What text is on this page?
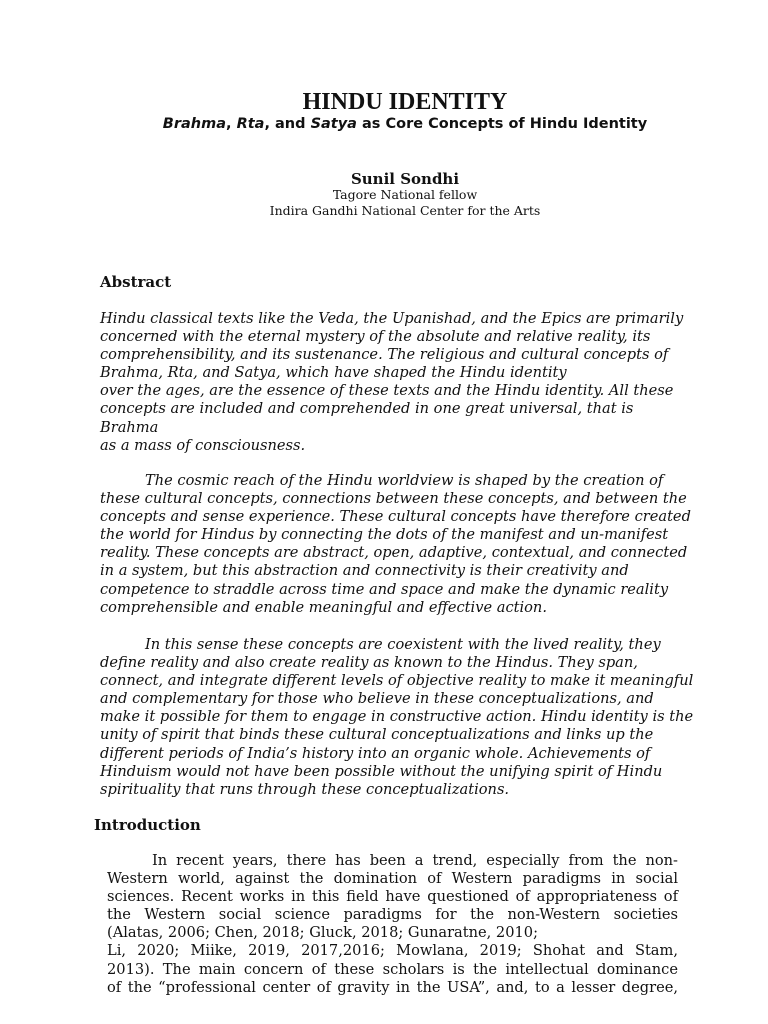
HINDU IDENTITY
Brahma, Rta, and Satya as Core Concepts of Hindu Identity
Sunil Sondhi
Tagore National fellow
Indira Gandhi National Center for the Arts
Abstract
Hindu classical texts like the Veda, the Upanishad, and the Epics are primarily
concerned with the eternal mystery of the absolute and relative reality, its
comprehensibility, and its sustenance. The religious and cultural concepts of
Brahma, Rta, and Satya, which have shaped the Hindu identity
over the ages, are the essence of these texts and the Hindu identity. All these
concepts are included and comprehended in one great universal, that is
Brahma
as a mass of consciousness.
The cosmic reach of the Hindu worldview is shaped by the creation of
these cultural concepts, connections between these concepts, and between the
concepts and sense experience. These cultural concepts have therefore created
the world for Hindus by connecting the dots of the manifest and un-manifest
reality. These concepts are abstract, open, adaptive, contextual, and connected
in a system, but this abstraction and connectivity is their creativity and
competence to straddle across time and space and make the dynamic reality
comprehensible and enable meaningful and effective action.
In this sense these concepts are coexistent with the lived reality, they
define reality and also create reality as known to the Hindus. They span,
connect, and integrate different levels of objective reality to make it meaningful
and complementary for those who believe in these conceptualizations, and
make it possible for them to engage in constructive action. Hindu identity is the
unity of spirit that binds these cultural conceptualizations and links up the
different periods of India’s history into an organic whole. Achievements of
Hinduism would not have been possible without the unifying spirit of Hindu
spirituality that runs through these conceptualizations.
Introduction
In recent years, there has been a trend, especially from the non-
Western world, against the domination of Western paradigms in social
sciences. Recent works in this field have questioned of appropriateness of
the Western social science paradigms for the non-Western societies
(Alatas, 2006; Chen, 2018; Gluck, 2018; Gunaratne, 2010;
Li, 2020; Miike, 2019, 2017,2016; Mowlana, 2019; Shohat and Stam,
2013). The main concern of these scholars is the intellectual dominance
of the “professional center of gravity in the USA”, and, to a lesser degree,
